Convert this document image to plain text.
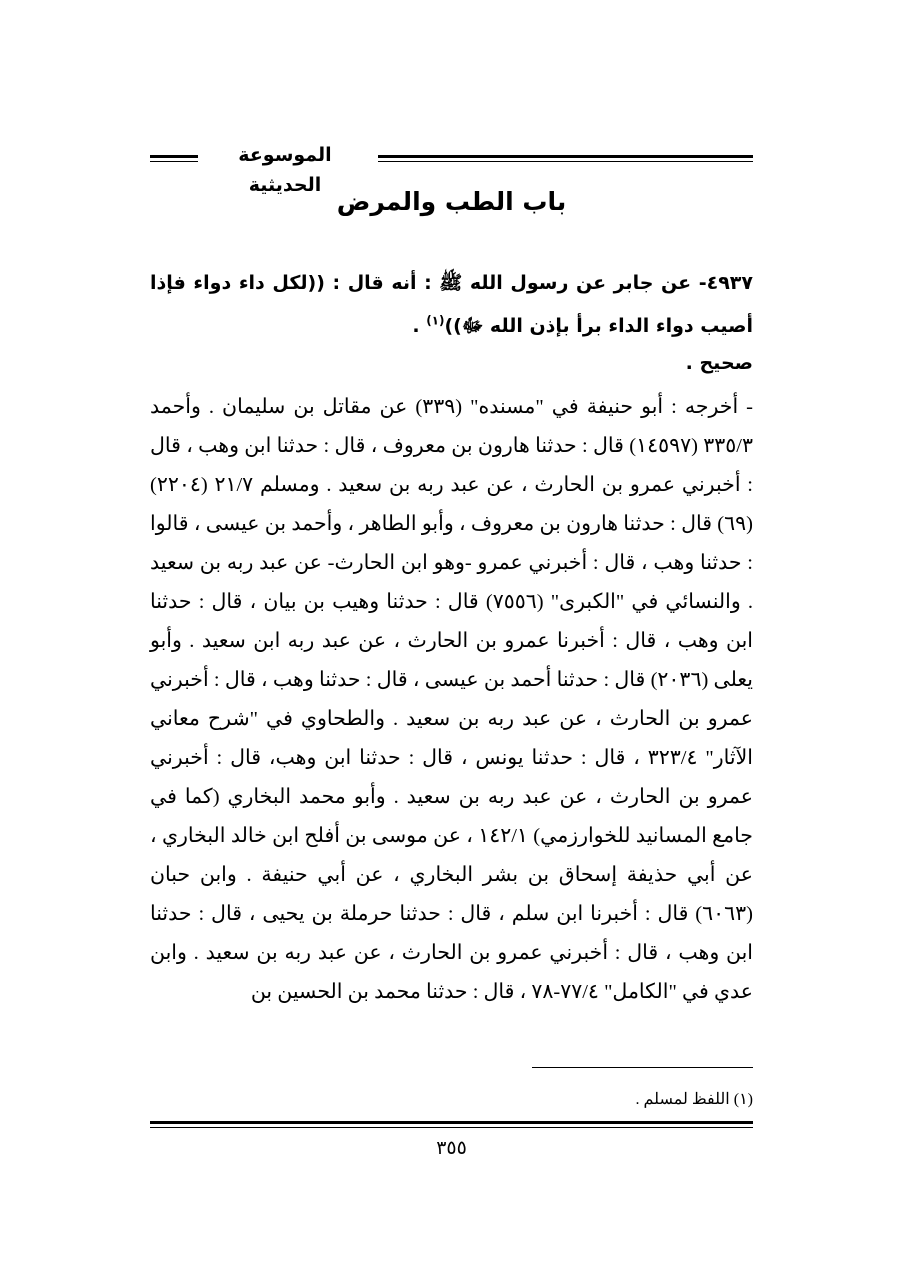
الموسوعة الحديثية
باب الطب والمرض
٤٩٣٧- عن جابر عن رسول الله ﷺ : أنه قال : ((لكل داء دواء فإذا أصيب دواء الداء برأ بإذن الله ﷻ))$^{(١)}$ .
صحيح .
- أخرجه : أبو حنيفة في "مسنده" (٣٣٩) عن مقاتل بن سليمان . وأحمد ٣٣٥/٣ (١٤٥٩٧) قال : حدثنا هارون بن معروف ، قال : حدثنا ابن وهب ، قال : أخبرني عمرو بن الحارث ، عن عبد ربه بن سعيد . ومسلم ٢١/٧ (٢٢٠٤) (٦٩) قال : حدثنا هارون بن معروف ، وأبو الطاهر ، وأحمد بن عيسى ، قالوا : حدثنا وهب ، قال : أخبرني عمرو -وهو ابن الحارث- عن عبد ربه بن سعيد . والنسائي في "الكبرى" (٧٥٥٦) قال : حدثنا وهيب بن بيان ، قال : حدثنا ابن وهب ، قال : أخبرنا عمرو بن الحارث ، عن عبد ربه ابن سعيد . وأبو يعلى (٢٠٣٦) قال : حدثنا أحمد بن عيسى ، قال : حدثنا وهب ، قال : أخبرني عمرو بن الحارث ، عن عبد ربه بن سعيد . والطحاوي في "شرح معاني الآثار" ٣٢٣/٤ ، قال : حدثنا يونس ، قال : حدثنا ابن وهب، قال : أخبرني عمرو بن الحارث ، عن عبد ربه بن سعيد . وأبو محمد البخاري (كما في جامع المسانيد للخوارزمي) ١٤٢/١ ، عن موسى بن أفلح ابن خالد البخاري ، عن أبي حذيفة إسحاق بن بشر البخاري ، عن أبي حنيفة . وابن حبان (٦٠٦٣) قال : أخبرنا ابن سلم ، قال : حدثنا حرملة بن يحيى ، قال : حدثنا ابن وهب ، قال : أخبرني عمرو بن الحارث ، عن عبد ربه بن سعيد . وابن عدي في "الكامل" ٧٧/٤-٧٨ ، قال : حدثنا محمد بن الحسين بن
(١) اللفظ لمسلم .
٣٥٥
